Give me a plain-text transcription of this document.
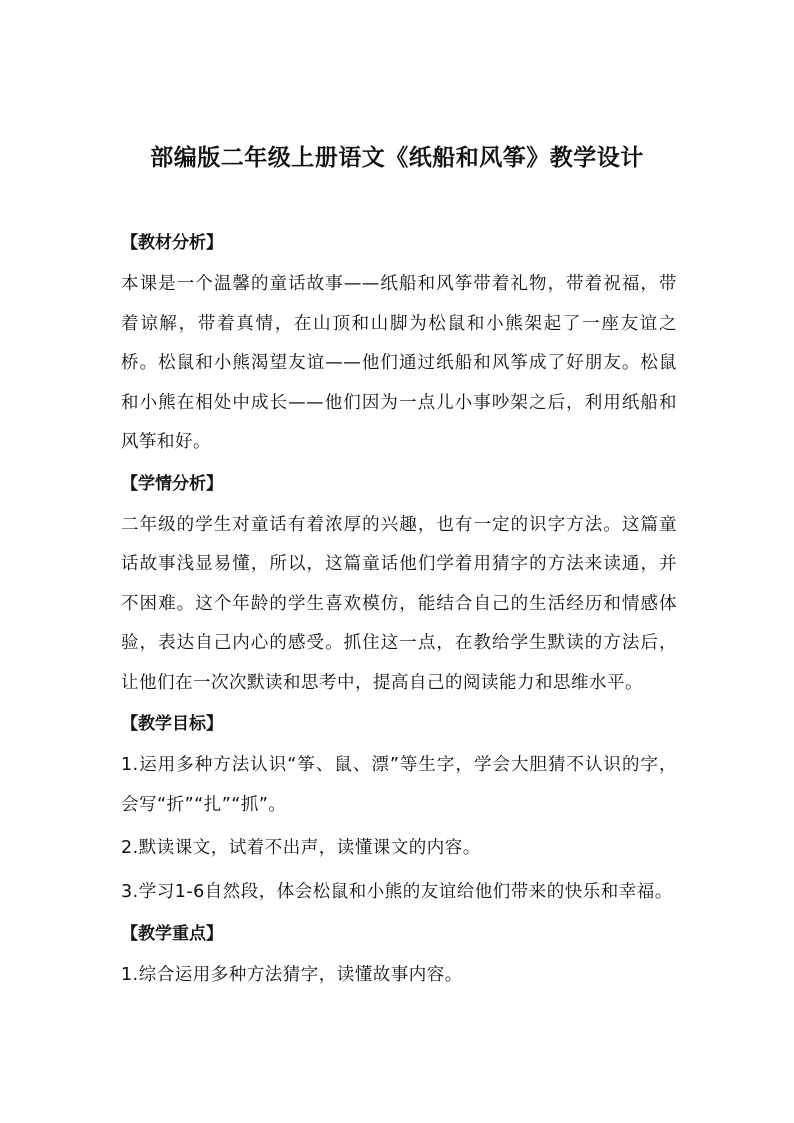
部编版二年级上册语文《纸船和风筝》教学设计
【教材分析】

本课是一个温馨的童话故事——纸船和风筝带着礼物，带着祝福，带着谅解，带着真情，在山顶和山脚为松鼠和小熊架起了一座友谊之桥。松鼠和小熊渴望友谊——他们通过纸船和风筝成了好朋友。松鼠和小熊在相处中成长——他们因为一点儿小事吵架之后，利用纸船和风筝和好。

【学情分析】

二年级的学生对童话有着浓厚的兴趣，也有一定的识字方法。这篇童话故事浅显易懂，所以，这篇童话他们学着用猜字的方法来读通，并不困难。这个年龄的学生喜欢模仿，能结合自己的生活经历和情感体验，表达自己内心的感受。抓住这一点，在教给学生默读的方法后，让他们在一次次默读和思考中，提高自己的阅读能力和思维水平。

【教学目标】

1.运用多种方法认识“筝、鼠、漂”等生字，学会大胆猜不认识的字，会写“折”“扎”“抓”。

2.默读课文，试着不出声，读懂课文的内容。

3.学习1-6自然段，体会松鼠和小熊的友谊给他们带来的快乐和幸福。

【教学重点】

1.综合运用多种方法猜字，读懂故事内容。
